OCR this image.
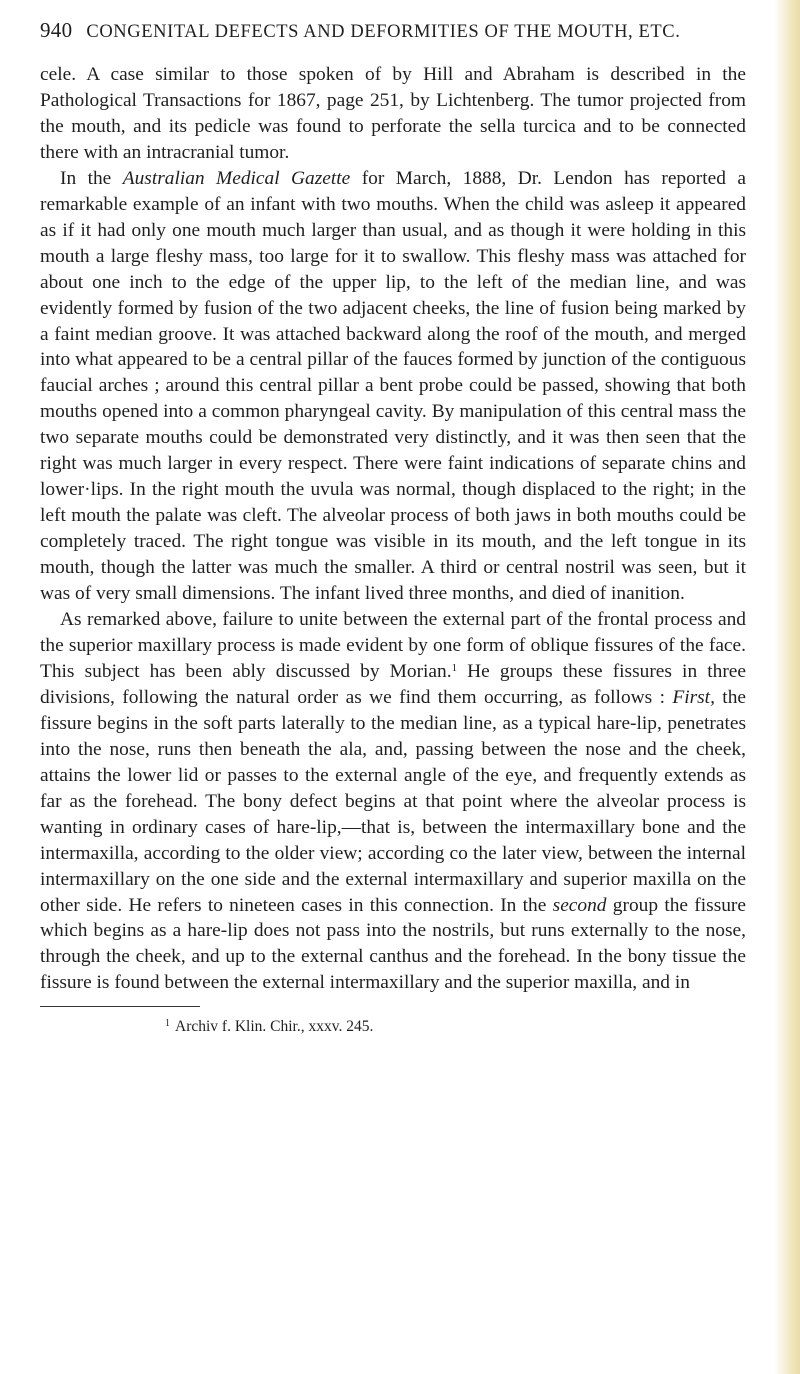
940 CONGENITAL DEFECTS AND DEFORMITIES OF THE MOUTH, ETC.

cele. A case similar to those spoken of by Hill and Abraham is described in the Pathological Transactions for 1867, page 251, by Lichtenberg. The tumor projected from the mouth, and its pedicle was found to perforate the sella turcica and to be connected there with an intracranial tumor.

In the Australian Medical Gazette for March, 1888, Dr. Lendon has reported a remarkable example of an infant with two mouths. When the child was asleep it appeared as if it had only one mouth much larger than usual, and as though it were holding in this mouth a large fleshy mass, too large for it to swallow. This fleshy mass was attached for about one inch to the edge of the upper lip, to the left of the median line, and was evidently formed by fusion of the two adjacent cheeks, the line of fusion being marked by a faint median groove. It was attached backward along the roof of the mouth, and merged into what appeared to be a central pillar of the fauces formed by junction of the contiguous faucial arches ; around this central pillar a bent probe could be passed, showing that both mouths opened into a common pharyngeal cavity. By manipulation of this central mass the two separate mouths could be demonstrated very distinctly, and it was then seen that the right was much larger in every respect. There were faint indications of separate chins and lower·lips. In the right mouth the uvula was normal, though displaced to the right; in the left mouth the palate was cleft. The alveolar process of both jaws in both mouths could be completely traced. The right tongue was visible in its mouth, and the left tongue in its mouth, though the latter was much the smaller. A third or central nostril was seen, but it was of very small dimensions. The infant lived three months, and died of inanition.

As remarked above, failure to unite between the external part of the frontal process and the superior maxillary process is made evident by one form of oblique fissures of the face. This subject has been ably discussed by Morian.$^1$ He groups these fissures in three divisions, following the natural order as we find them occurring, as follows : First, the fissure begins in the soft parts laterally to the median line, as a typical hare-lip, penetrates into the nose, runs then beneath the ala, and, passing between the nose and the cheek, attains the lower lid or passes to the external angle of the eye, and frequently extends as far as the forehead. The bony defect begins at that point where the alveolar process is wanting in ordinary cases of hare-lip,—that is, between the intermaxillary bone and the intermaxilla, according to the older view; according co the later view, between the internal intermaxillary on the one side and the external intermaxillary and superior maxilla on the other side. He refers to nineteen cases in this connection. In the second group the fissure which begins as a hare-lip does not pass into the nostrils, but runs externally to the nose, through the cheek, and up to the external canthus and the forehead. In the bony tissue the fissure is found between the external intermaxillary and the superior maxilla, and in

$^1$ Archiv f. Klin. Chir., xxxv. 245.
